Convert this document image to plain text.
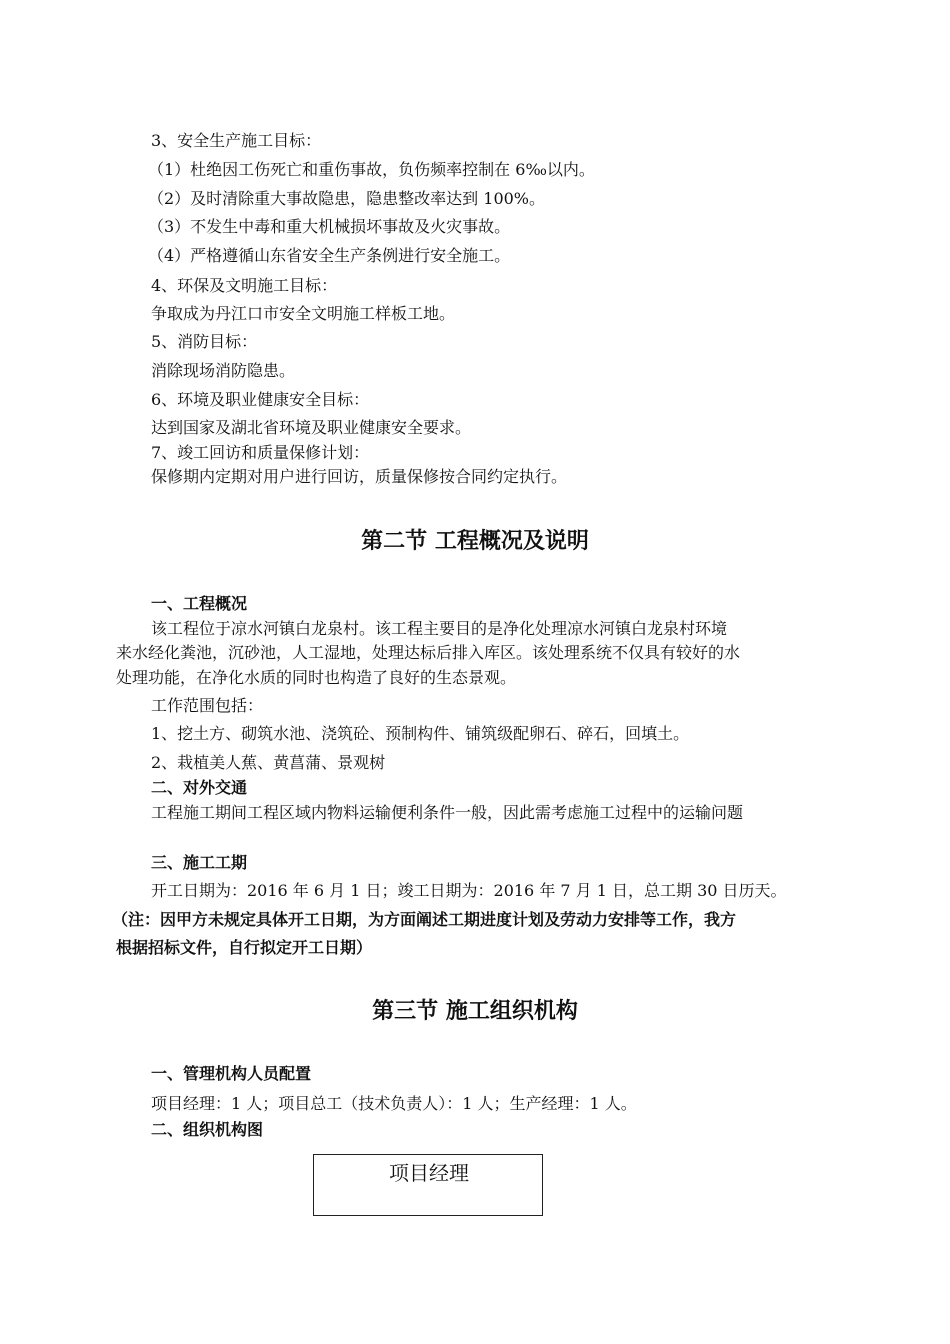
3、安全生产施工目标：
（1）杜绝因工伤死亡和重伤事故，负伤频率控制在 6‰以内。
（2）及时清除重大事故隐患，隐患整改率达到 100%。
（3）不发生中毒和重大机械损坏事故及火灾事故。
（4）严格遵循山东省安全生产条例进行安全施工。
4、环保及文明施工目标：
争取成为丹江口市安全文明施工样板工地。
5、消防目标：
消除现场消防隐患。
6、环境及职业健康安全目标：
达到国家及湖北省环境及职业健康安全要求。
7、竣工回访和质量保修计划：
保修期内定期对用户进行回访，质量保修按合同约定执行。
第二节 工程概况及说明
一、工程概况
该工程位于凉水河镇白龙泉村。该工程主要目的是净化处理凉水河镇白龙泉村环境
来水经化粪池，沉砂池，人工湿地，处理达标后排入库区。该处理系统不仅具有较好的水
处理功能，在净化水质的同时也构造了良好的生态景观。
工作范围包括：
1、挖土方、砌筑水池、浇筑砼、预制构件、铺筑级配卵石、碎石，回填土。
2、栽植美人蕉、黄菖蒲、景观树
二、对外交通
工程施工期间工程区域内物料运输便利条件一般，因此需考虑施工过程中的运输问题
三、施工工期
开工日期为：2016 年 6 月 1 日；竣工日期为：2016 年 7 月 1 日，总工期 30 日历天。
（注：因甲方未规定具体开工日期，为方面阐述工期进度计划及劳动力安排等工作，我方
根据招标文件，自行拟定开工日期）
第三节 施工组织机构
一、管理机构人员配置
项目经理：1 人；项目总工（技术负责人）：1 人；生产经理：1 人。
二、组织机构图
项目经理
